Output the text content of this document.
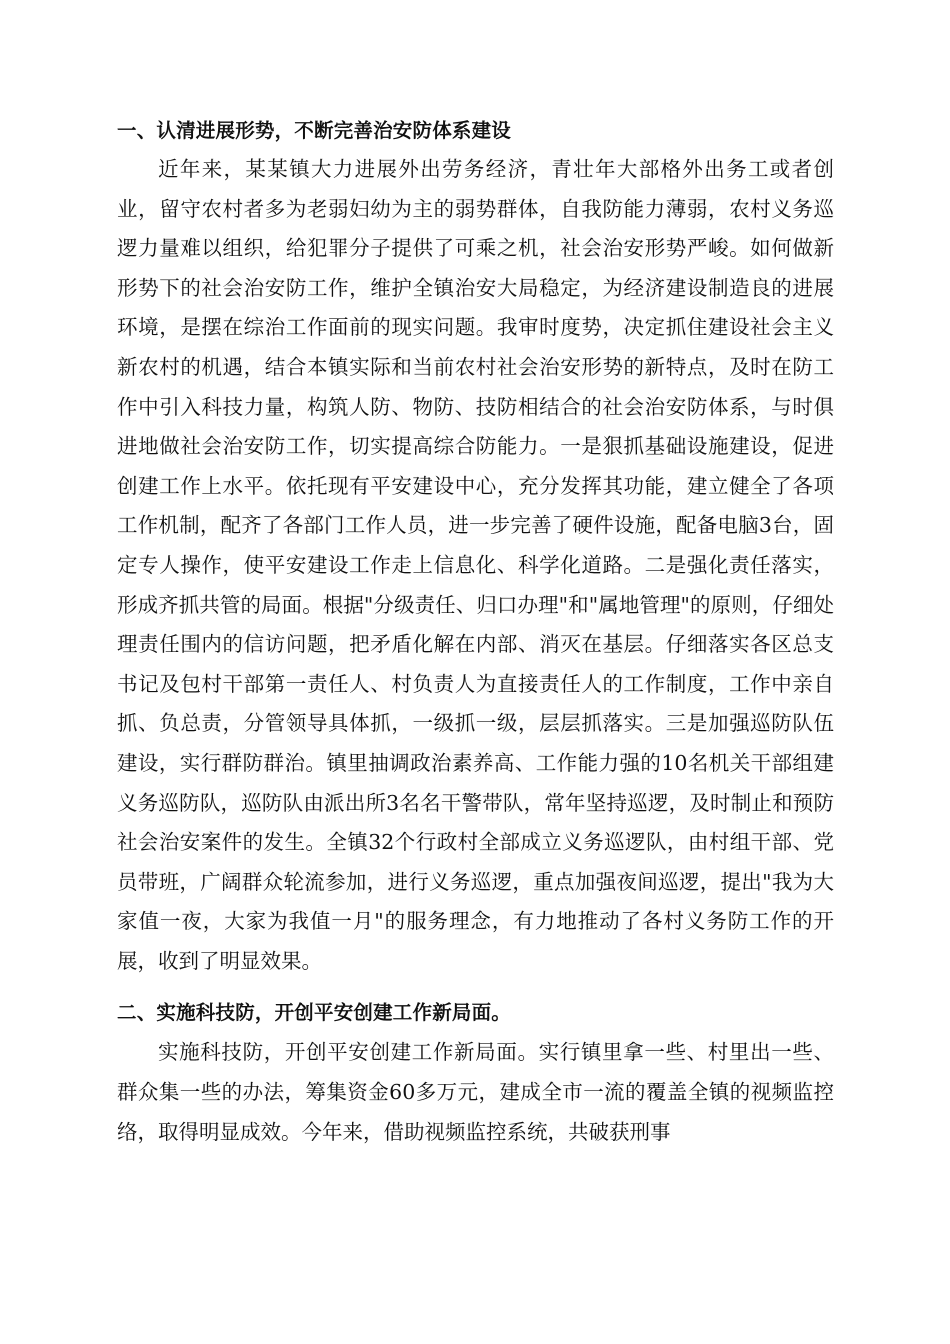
一、认清进展形势，不断完善治安防体系建设

近年来，某某镇大力进展外出劳务经济，青壮年大部格外出务工或者创业，留守农村者多为老弱妇幼为主的弱势群体，自我防能力薄弱，农村义务巡逻力量难以组织，给犯罪分子提供了可乘之机，社会治安形势严峻。如何做新形势下的社会治安防工作，维护全镇治安大局稳定，为经济建设制造良的进展环境，是摆在综治工作面前的现实问题。我审时度势，决定抓住建设社会主义新农村的机遇，结合本镇实际和当前农村社会治安形势的新特点，及时在防工作中引入科技力量，构筑人防、物防、技防相结合的社会治安防体系，与时俱进地做社会治安防工作，切实提高综合防能力。一是狠抓基础设施建设，促进创建工作上水平。依托现有平安建设中心，充分发挥其功能，建立健全了各项工作机制，配齐了各部门工作人员，进一步完善了硬件设施，配备电脑3台，固定专人操作，使平安建设工作走上信息化、科学化道路。二是强化责任落实，形成齐抓共管的局面。根据"分级责任、归口办理"和"属地管理"的原则，仔细处理责任围内的信访问题，把矛盾化解在内部、消灭在基层。仔细落实各区总支书记及包村干部第一责任人、村负责人为直接责任人的工作制度，工作中亲自抓、负总责，分管领导具体抓，一级抓一级，层层抓落实。三是加强巡防队伍建设，实行群防群治。镇里抽调政治素养高、工作能力强的10名机关干部组建义务巡防队，巡防队由派出所3名名干警带队，常年坚持巡逻，及时制止和预防社会治安案件的发生。全镇32个行政村全部成立义务巡逻队，由村组干部、党员带班，广阔群众轮流参加，进行义务巡逻，重点加强夜间巡逻，提出"我为大家值一夜，大家为我值一月"的服务理念，有力地推动了各村义务防工作的开展，收到了明显效果。

二、实施科技防，开创平安创建工作新局面。

实施科技防，开创平安创建工作新局面。实行镇里拿一些、村里出一些、群众集一些的办法，筹集资金60多万元，建成全市一流的覆盖全镇的视频监控络，取得明显成效。今年来，借助视频监控系统，共破获刑事
